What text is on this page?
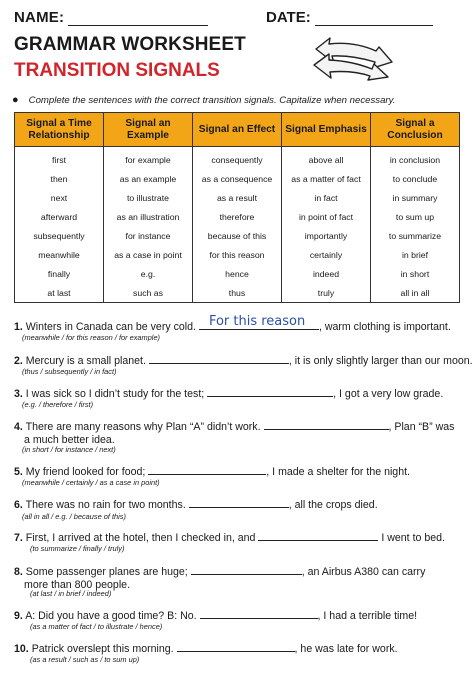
NAME:	DATE:
GRAMMAR WORKSHEET
TRANSITION SIGNALS
● Complete the sentences with the correct transition signals. Capitalize when necessary.
Signal a Time Relationship	Signal an Example	Signal an Effect	Signal Emphasis	Signal a Conclusion
first	for example	consequently	above all	in conclusion
then	as an example	as a consequence	as a matter of fact	to conclude
next	to illustrate	as a result	in fact	in summary
afterward	as an illustration	therefore	in point of fact	to sum up
subsequently	for instance	because of this	importantly	to summarize
meanwhile	as a case in point	for this reason	certainly	in brief
finally	e.g.	hence	indeed	in short
at last	such as	thus	truly	all in all
1. Winters in Canada can be very cold. For this reason , warm clothing is important.
(meanwhile / for this reason / for example)
2. Mercury is a small planet.	, it is only slightly larger than our moon.
(thus / subsequently / in fact)
3. I was sick so I didn’t study for the test;	, I got a very low grade.
(e.g. / therefore / first)
4. There are many reasons why Plan “A” didn’t work.	, Plan “B” was
a much better idea.
(in short / for instance / next)
5. My friend looked for food;	, I made a shelter for the night.
(meanwhile / certainly / as a case in point)
6. There was no rain for two months.	, all the crops died.
(all in all / e.g. / because of this)
7. First, I arrived at the hotel, then I checked in, and	I went to bed.
(to summarize / finally / truly)
8. Some passenger planes are huge;	, an Airbus A380 can carry
more than 800 people.
(at last / in brief / indeed)
9. A: Did you have a good time? B: No.	, I had a terrible time!
(as a matter of fact / to illustrate / hence)
10. Patrick overslept this morning.	, he was late for work.
(as a result / such as / to sum up)
